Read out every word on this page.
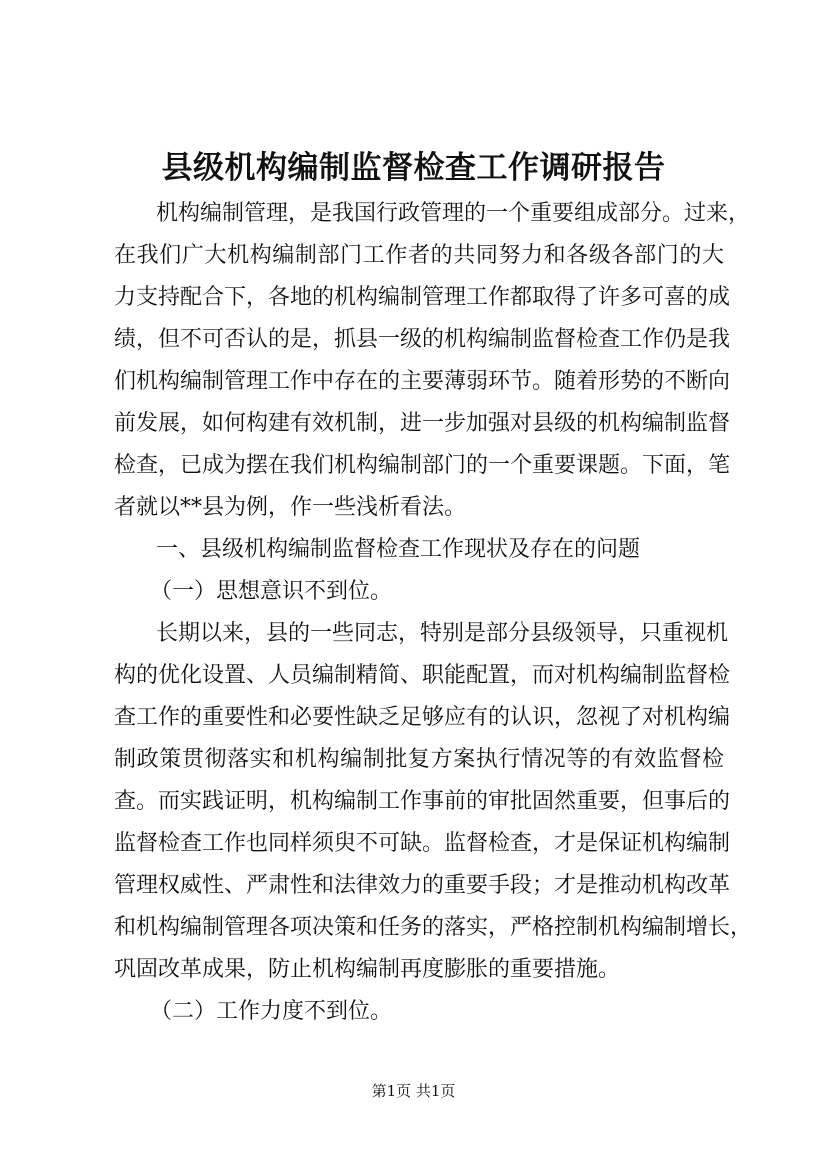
县级机构编制监督检查工作调研报告

机构编制管理，是我国行政管理的一个重要组成部分。过来，

在我们广大机构编制部门工作者的共同努力和各级各部门的大

力支持配合下，各地的机构编制管理工作都取得了许多可喜的成

绩，但不可否认的是，抓县一级的机构编制监督检查工作仍是我

们机构编制管理工作中存在的主要薄弱环节。随着形势的不断向

前发展，如何构建有效机制，进一步加强对县级的机构编制监督

检查，已成为摆在我们机构编制部门的一个重要课题。下面，笔

者就以**县为例，作一些浅析看法。

一、县级机构编制监督检查工作现状及存在的问题

（一）思想意识不到位。

长期以来，县的一些同志，特别是部分县级领导，只重视机

构的优化设置、人员编制精简、职能配置，而对机构编制监督检

查工作的重要性和必要性缺乏足够应有的认识，忽视了对机构编

制政策贯彻落实和机构编制批复方案执行情况等的有效监督检

查。而实践证明，机构编制工作事前的审批固然重要，但事后的

监督检查工作也同样须臾不可缺。监督检查，才是保证机构编制

管理权威性、严肃性和法律效力的重要手段；才是推动机构改革

和机构编制管理各项决策和任务的落实，严格控制机构编制增长，

巩固改革成果，防止机构编制再度膨胀的重要措施。

（二）工作力度不到位。

第1页 共1页
